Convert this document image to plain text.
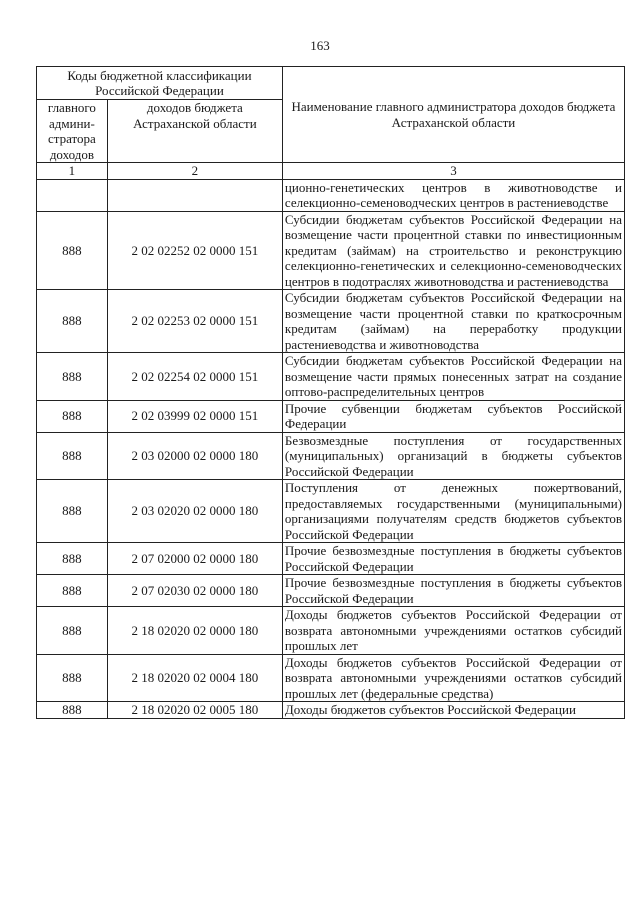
163
Коды бюджетной классификации Российской Федерации		Наименование главного администратора доходов бюджета Астраханской области
главного админи-стратора доходов	доходов бюджета Астраханской области	
1	2	3
		ционно-генетических центров в животноводстве и селекционно-семеноводческих центров в растениеводстве
888	2 02 02252 02 0000 151	Субсидии бюджетам субъектов Российской Федерации на возмещение части процентной ставки по инвестиционным кредитам (займам) на строительство и реконструкцию селекционно-генетических и селекционно-семеноводческих центров в подотраслях животноводства и растениеводства
888	2 02 02253 02 0000 151	Субсидии бюджетам субъектов Российской Федерации на возмещение части процентной ставки по краткосрочным кредитам (займам) на переработку продукции растениеводства и животноводства
888	2 02 02254 02 0000 151	Субсидии бюджетам субъектов Российской Федерации на возмещение части прямых понесенных затрат на создание оптово-распределительных центров
888	2 02 03999 02 0000 151	Прочие субвенции бюджетам субъектов Российской Федерации
888	2 03 02000 02 0000 180	Безвозмездные поступления от государственных (муниципальных) организаций в бюджеты субъектов Российской Федерации
888	2 03 02020 02 0000 180	Поступления от денежных пожертвований, предоставляемых государственными (муниципальными) организациями получателям средств бюджетов субъектов Российской Федерации
888	2 07 02000 02 0000 180	Прочие безвозмездные поступления в бюджеты субъектов Российской Федерации
888	2 07 02030 02 0000 180	Прочие безвозмездные поступления в бюджеты субъектов Российской Федерации
888	2 18 02020 02 0000 180	Доходы бюджетов субъектов Российской Федерации от возврата автономными учреждениями остатков субсидий прошлых лет
888	2 18 02020 02 0004 180	Доходы бюджетов субъектов Российской Федерации от возврата автономными учреждениями остатков субсидий прошлых лет (федеральные средства)
888	2 18 02020 02 0005 180	Доходы бюджетов субъектов Российской Федерации
